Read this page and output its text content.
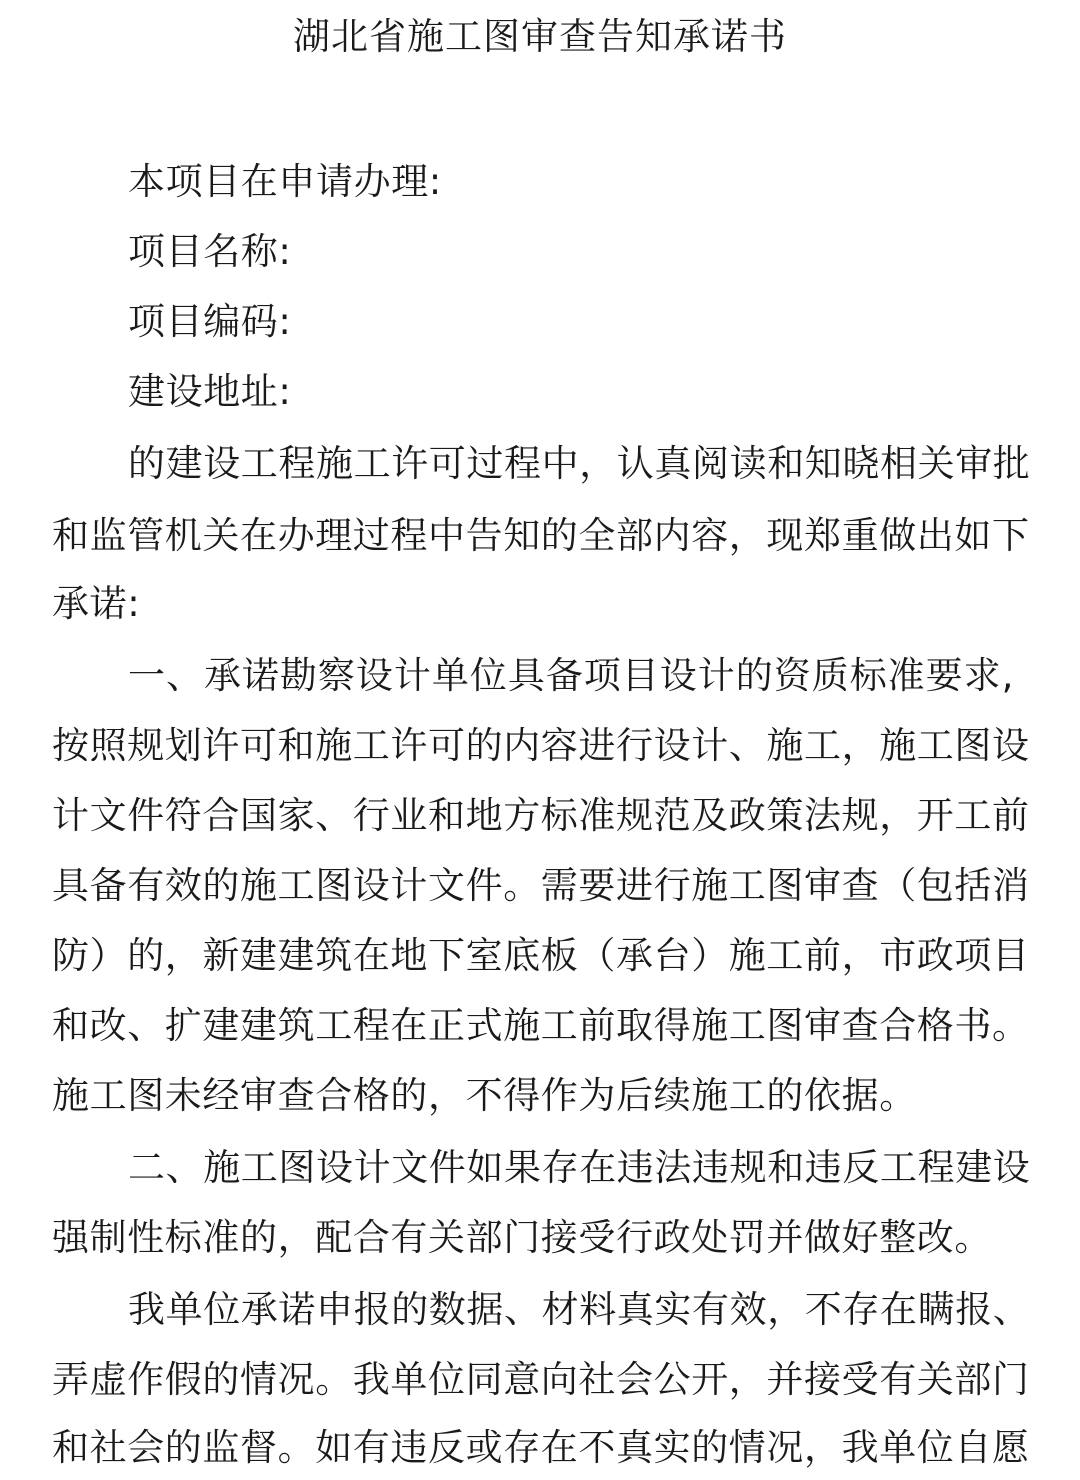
湖北省施工图审查告知承诺书
本项目在申请办理:
项目名称:
项目编码:
建设地址:
的建设工程施工许可过程中，认真阅读和知晓相关审批
和监管机关在办理过程中告知的全部内容，现郑重做出如下
承诺:
一、承诺勘察设计单位具备项目设计的资质标准要求,
按照规划许可和施工许可的内容进行设计、施工，施工图设
计文件符合国家、行业和地方标准规范及政策法规，开工前
具备有效的施工图设计文件。需要进行施工图审查（包括消
防）的，新建建筑在地下室底板（承台）施工前，市政项目
和改、扩建建筑工程在正式施工前取得施工图审查合格书。
施工图未经审查合格的，不得作为后续施工的依据。
二、施工图设计文件如果存在违法违规和违反工程建设
强制性标准的，配合有关部门接受行政处罚并做好整改。
我单位承诺申报的数据、材料真实有效，不存在瞒报、
弄虚作假的情况。我单位同意向社会公开，并接受有关部门
和社会的监督。如有违反或存在不真实的情况，我单位自愿
